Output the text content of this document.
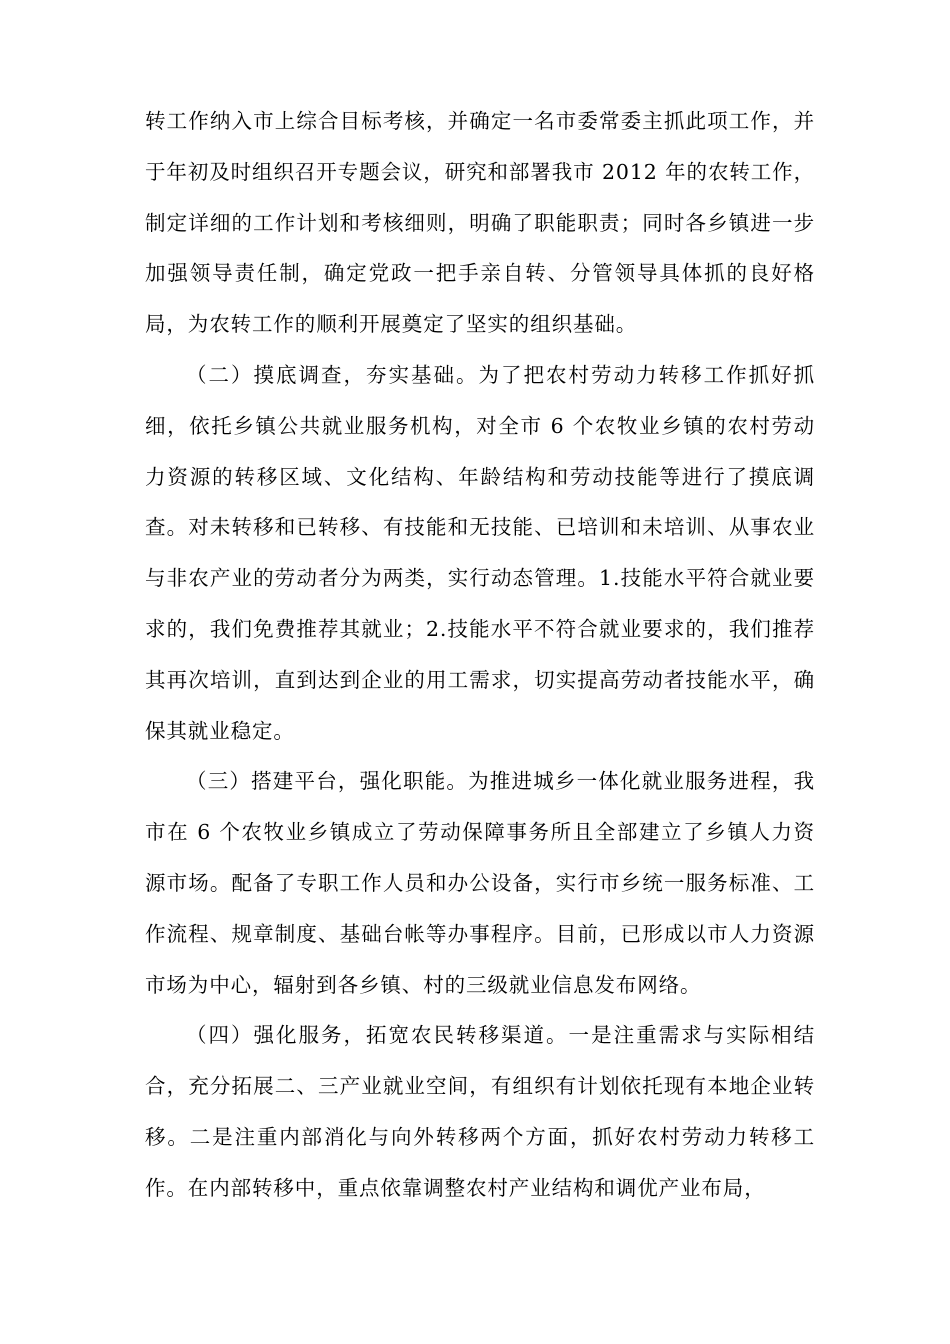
转工作纳入市上综合目标考核，并确定一名市委常委主抓此项工作，并于年初及时组织召开专题会议，研究和部署我市 2012 年的农转工作，制定详细的工作计划和考核细则，明确了职能职责；同时各乡镇进一步加强领导责任制，确定党政一把手亲自转、分管领导具体抓的良好格局，为农转工作的顺利开展奠定了坚实的组织基础。

（二）摸底调查，夯实基础。为了把农村劳动力转移工作抓好抓细，依托乡镇公共就业服务机构，对全市 6 个农牧业乡镇的农村劳动力资源的转移区域、文化结构、年龄结构和劳动技能等进行了摸底调查。对未转移和已转移、有技能和无技能、已培训和未培训、从事农业与非农产业的劳动者分为两类，实行动态管理。1.技能水平符合就业要求的，我们免费推荐其就业；2.技能水平不符合就业要求的，我们推荐其再次培训，直到达到企业的用工需求，切实提高劳动者技能水平，确保其就业稳定。

（三）搭建平台，强化职能。为推进城乡一体化就业服务进程，我市在 6 个农牧业乡镇成立了劳动保障事务所且全部建立了乡镇人力资源市场。配备了专职工作人员和办公设备，实行市乡统一服务标准、工作流程、规章制度、基础台帐等办事程序。目前，已形成以市人力资源市场为中心，辐射到各乡镇、村的三级就业信息发布网络。

（四）强化服务，拓宽农民转移渠道。一是注重需求与实际相结合，充分拓展二、三产业就业空间，有组织有计划依托现有本地企业转移。二是注重内部消化与向外转移两个方面，抓好农村劳动力转移工作。在内部转移中，重点依靠调整农村产业结构和调优产业布局，
